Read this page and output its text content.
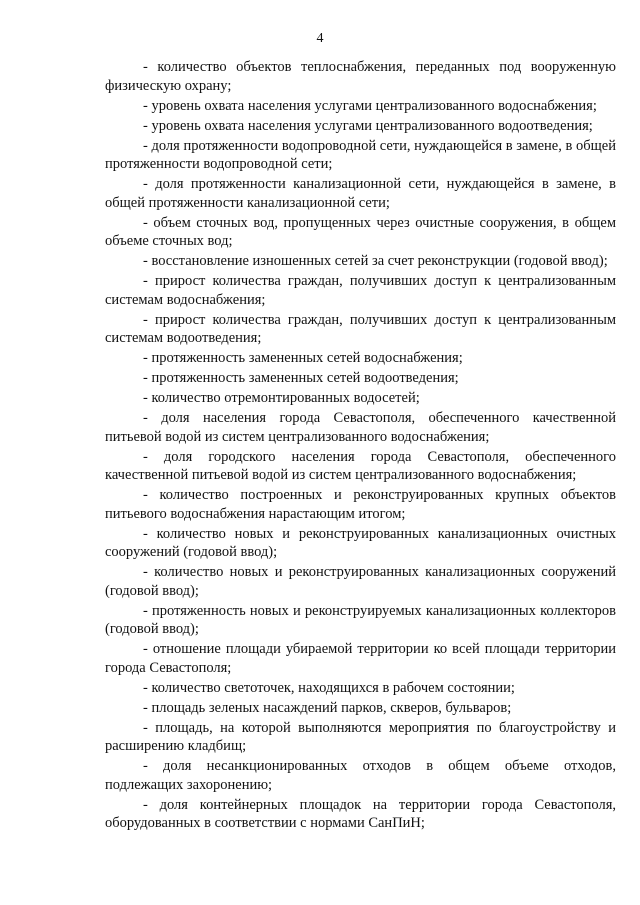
4

- количество объектов теплоснабжения, переданных под вооруженную физическую охрану;

- уровень охвата населения услугами централизованного водоснабжения;

- уровень охвата населения услугами централизованного водоотведения;

- доля протяженности водопроводной сети, нуждающейся в замене, в общей протяженности водопроводной сети;

- доля протяженности канализационной сети, нуждающейся в замене, в общей протяженности канализационной сети;

- объем сточных вод, пропущенных через очистные сооружения, в общем объеме сточных вод;

- восстановление изношенных сетей за счет реконструкции (годовой ввод);

- прирост количества граждан, получивших доступ к централизованным системам водоснабжения;

- прирост количества граждан, получивших доступ к централизованным системам водоотведения;

- протяженность замененных сетей водоснабжения;

- протяженность замененных сетей водоотведения;

- количество отремонтированных водосетей;

- доля населения города Севастополя, обеспеченного качественной питьевой водой из систем централизованного водоснабжения;

- доля городского населения города Севастополя, обеспеченного качественной питьевой водой из систем централизованного водоснабжения;

- количество построенных и реконструированных крупных объектов питьевого водоснабжения нарастающим итогом;

- количество новых и реконструированных канализационных очистных сооружений (годовой ввод);

- количество новых и реконструированных канализационных сооружений (годовой ввод);

- протяженность новых и реконструируемых канализационных коллекторов (годовой ввод);

- отношение площади убираемой территории ко всей площади территории города Севастополя;

- количество светоточек, находящихся в рабочем состоянии;

- площадь зеленых насаждений парков, скверов, бульваров;

- площадь, на которой выполняются мероприятия по благоустройству и расширению кладбищ;

- доля несанкционированных отходов в общем объеме отходов, подлежащих захоронению;

- доля контейнерных площадок на территории города Севастополя, оборудованных в соответствии с нормами СанПиН;
